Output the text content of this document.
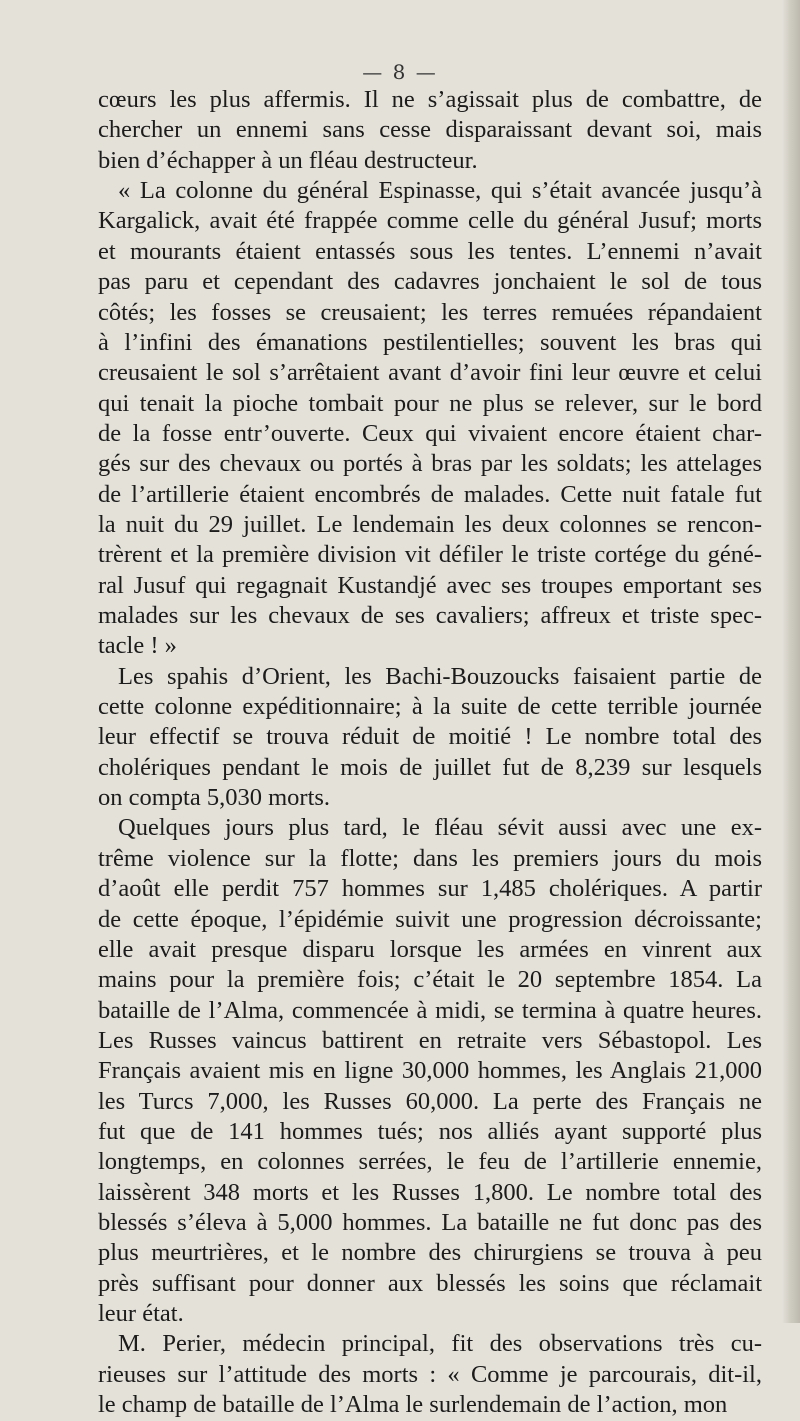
— 8 —
cœurs les plus affermis. Il ne s’agissait plus de combattre, de
chercher un ennemi sans cesse disparaissant devant soi, mais
bien d’échapper à un fléau destructeur.
« La colonne du général Espinasse, qui s’était avancée jusqu’à
Kargalick, avait été frappée comme celle du général Jusuf; morts
et mourants étaient entassés sous les tentes. L’ennemi n’avait
pas paru et cependant des cadavres jonchaient le sol de tous
côtés; les fosses se creusaient; les terres remuées répandaient
à l’infini des émanations pestilentielles; souvent les bras qui
creusaient le sol s’arrêtaient avant d’avoir fini leur œuvre et celui
qui tenait la pioche tombait pour ne plus se relever, sur le bord
de la fosse entr’ouverte. Ceux qui vivaient encore étaient char-
gés sur des chevaux ou portés à bras par les soldats; les attelages
de l’artillerie étaient encombrés de malades. Cette nuit fatale fut
la nuit du 29 juillet. Le lendemain les deux colonnes se rencon-
trèrent et la première division vit défiler le triste cortége du géné-
ral Jusuf qui regagnait Kustandjé avec ses troupes emportant ses
malades sur les chevaux de ses cavaliers; affreux et triste spec-
tacle ! »
Les spahis d’Orient, les Bachi-Bouzoucks faisaient partie de
cette colonne expéditionnaire; à la suite de cette terrible journée
leur effectif se trouva réduit de moitié ! Le nombre total des
cholériques pendant le mois de juillet fut de 8,239 sur lesquels
on compta 5,030 morts.
Quelques jours plus tard, le fléau sévit aussi avec une ex-
trême violence sur la flotte; dans les premiers jours du mois
d’août elle perdit 757 hommes sur 1,485 cholériques. A partir
de cette époque, l’épidémie suivit une progression décroissante;
elle avait presque disparu lorsque les armées en vinrent aux
mains pour la première fois; c’était le 20 septembre 1854. La
bataille de l’Alma, commencée à midi, se termina à quatre heures.
Les Russes vaincus battirent en retraite vers Sébastopol. Les
Français avaient mis en ligne 30,000 hommes, les Anglais 21,000
les Turcs 7,000, les Russes 60,000. La perte des Français ne
fut que de 141 hommes tués; nos alliés ayant supporté plus
longtemps, en colonnes serrées, le feu de l’artillerie ennemie,
laissèrent 348 morts et les Russes 1,800. Le nombre total des
blessés s’éleva à 5,000 hommes. La bataille ne fut donc pas des
plus meurtrières, et le nombre des chirurgiens se trouva à peu
près suffisant pour donner aux blessés les soins que réclamait
leur état.
M. Perier, médecin principal, fit des observations très cu-
rieuses sur l’attitude des morts : « Comme je parcourais, dit-il,
le champ de bataille de l’Alma le surlendemain de l’action, mon
